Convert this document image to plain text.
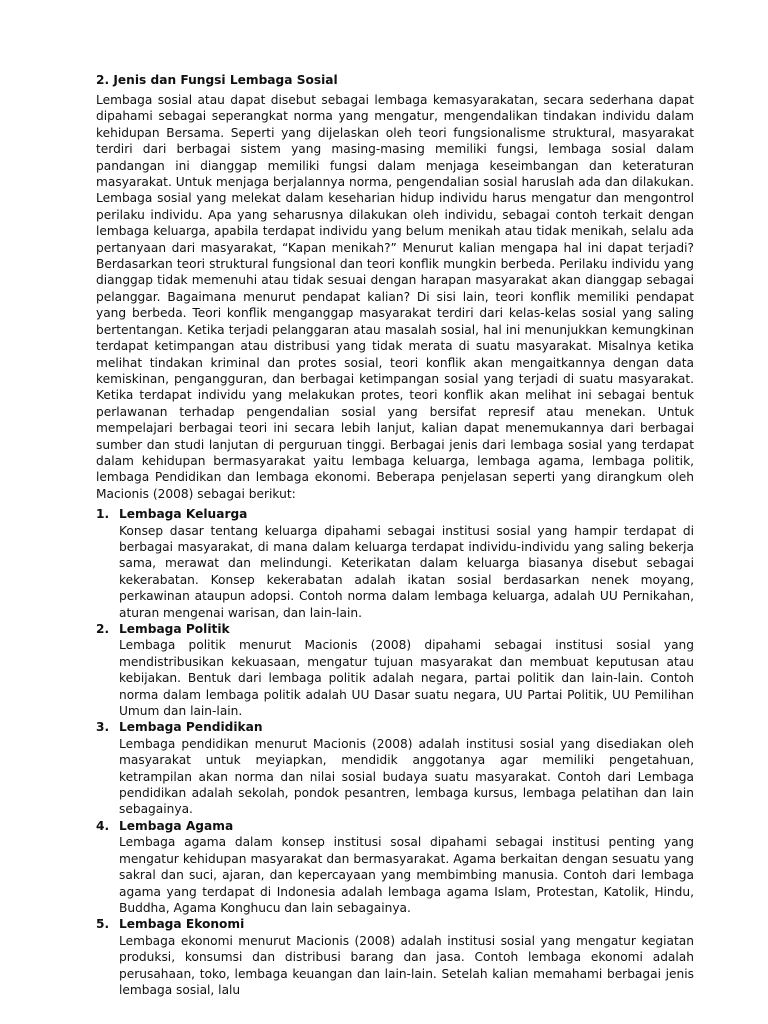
2. Jenis dan Fungsi Lembaga Sosial

Lembaga sosial atau dapat disebut sebagai lembaga kemasyarakatan, secara sederhana dapat dipahami sebagai seperangkat norma yang mengatur, mengendalikan tindakan individu dalam kehidupan Bersama. Seperti yang dijelaskan oleh teori fungsionalisme struktural, masyarakat terdiri dari berbagai sistem yang masing-masing memiliki fungsi, lembaga sosial dalam pandangan ini dianggap memiliki fungsi dalam menjaga keseimbangan dan keteraturan masyarakat. Untuk menjaga berjalannya norma, pengendalian sosial haruslah ada dan dilakukan. Lembaga sosial yang melekat dalam keseharian hidup individu harus mengatur dan mengontrol perilaku individu. Apa yang seharusnya dilakukan oleh individu, sebagai contoh terkait dengan lembaga keluarga, apabila terdapat individu yang belum menikah atau tidak menikah, selalu ada pertanyaan dari masyarakat, “Kapan menikah?” Menurut kalian mengapa hal ini dapat terjadi? Berdasarkan teori struktural fungsional dan teori konflik mungkin berbeda. Perilaku individu yang dianggap tidak memenuhi atau tidak sesuai dengan harapan masyarakat akan dianggap sebagai pelanggar. Bagaimana menurut pendapat kalian? Di sisi lain, teori konflik memiliki pendapat yang berbeda. Teori konflik menganggap masyarakat terdiri dari kelas-kelas sosial yang saling bertentangan. Ketika terjadi pelanggaran atau masalah sosial, hal ini menunjukkan kemungkinan terdapat ketimpangan atau distribusi yang tidak merata di suatu masyarakat. Misalnya ketika melihat tindakan kriminal dan protes sosial, teori konflik akan mengaitkannya dengan data kemiskinan, pengangguran, dan berbagai ketimpangan sosial yang terjadi di suatu masyarakat. Ketika terdapat individu yang melakukan protes, teori konflik akan melihat ini sebagai bentuk perlawanan terhadap pengendalian sosial yang bersifat represif atau menekan. Untuk mempelajari berbagai teori ini secara lebih lanjut, kalian dapat menemukannya dari berbagai sumber dan studi lanjutan di perguruan tinggi. Berbagai jenis dari lembaga sosial yang terdapat dalam kehidupan bermasyarakat yaitu lembaga keluarga, lembaga agama, lembaga politik, lembaga Pendidikan dan lembaga ekonomi. Beberapa penjelasan seperti yang dirangkum oleh Macionis (2008) sebagai berikut:

1. Lembaga Keluarga
Konsep dasar tentang keluarga dipahami sebagai institusi sosial yang hampir terdapat di berbagai masyarakat, di mana dalam keluarga terdapat individu-individu yang saling bekerja sama, merawat dan melindungi. Keterikatan dalam keluarga biasanya disebut sebagai kekerabatan. Konsep kekerabatan adalah ikatan sosial berdasarkan nenek moyang, perkawinan ataupun adopsi. Contoh norma dalam lembaga keluarga, adalah UU Pernikahan, aturan mengenai warisan, dan lain-lain.
2. Lembaga Politik
Lembaga politik menurut Macionis (2008) dipahami sebagai institusi sosial yang mendistribusikan kekuasaan, mengatur tujuan masyarakat dan membuat keputusan atau kebijakan. Bentuk dari lembaga politik adalah negara, partai politik dan lain-lain. Contoh norma dalam lembaga politik adalah UU Dasar suatu negara, UU Partai Politik, UU Pemilihan Umum dan lain-lain.
3. Lembaga Pendidikan
Lembaga pendidikan menurut Macionis (2008) adalah institusi sosial yang disediakan oleh masyarakat untuk meyiapkan, mendidik anggotanya agar memiliki pengetahuan, ketrampilan akan norma dan nilai sosial budaya suatu masyarakat. Contoh dari Lembaga pendidikan adalah sekolah, pondok pesantren, lembaga kursus, lembaga pelatihan dan lain sebagainya.
4. Lembaga Agama
Lembaga agama dalam konsep institusi sosal dipahami sebagai institusi penting yang mengatur kehidupan masyarakat dan bermasyarakat. Agama berkaitan dengan sesuatu yang sakral dan suci, ajaran, dan kepercayaan yang membimbing manusia. Contoh dari lembaga agama yang terdapat di Indonesia adalah lembaga agama Islam, Protestan, Katolik, Hindu, Buddha, Agama Konghucu dan lain sebagainya.
5. Lembaga Ekonomi
Lembaga ekonomi menurut Macionis (2008) adalah institusi sosial yang mengatur kegiatan produksi, konsumsi dan distribusi barang dan jasa. Contoh lembaga ekonomi adalah perusahaan, toko, lembaga keuangan dan lain-lain. Setelah kalian memahami berbagai jenis lembaga sosial, lalu
